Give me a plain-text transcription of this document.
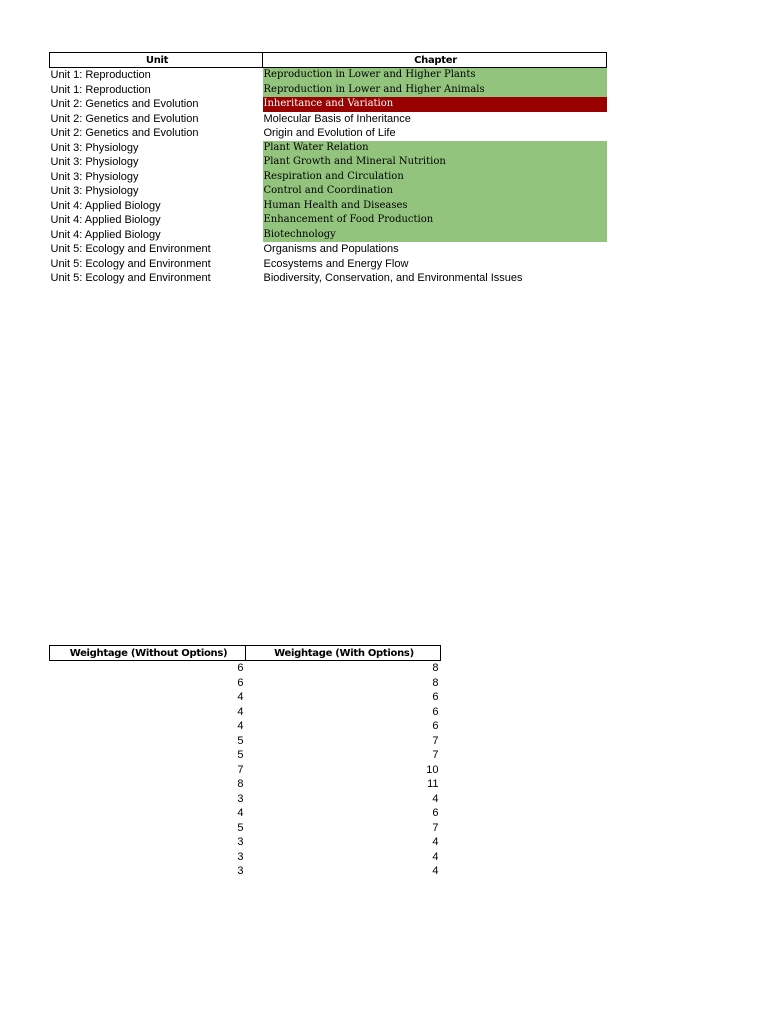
Unit	Chapter
Unit 1: Reproduction	Reproduction in Lower and Higher Plants
Unit 1: Reproduction	Reproduction in Lower and Higher Animals
Unit 2: Genetics and Evolution	Inheritance and Variation
Unit 2: Genetics and Evolution	Molecular Basis of Inheritance
Unit 2: Genetics and Evolution	Origin and Evolution of Life
Unit 3: Physiology	Plant Water Relation
Unit 3: Physiology	Plant Growth and Mineral Nutrition
Unit 3: Physiology	Respiration and Circulation
Unit 3: Physiology	Control and Coordination
Unit 4: Applied Biology	Human Health and Diseases
Unit 4: Applied Biology	Enhancement of Food Production
Unit 4: Applied Biology	Biotechnology
Unit 5: Ecology and Environment	Organisms and Populations
Unit 5: Ecology and Environment	Ecosystems and Energy Flow
Unit 5: Ecology and Environment	Biodiversity, Conservation, and Environmental Issues
Weightage (Without Options)	Weightage (With Options)
6	8
6	8
4	6
4	6
4	6
5	7
5	7
7	10
8	11
3	4
4	6
5	7
3	4
3	4
3	4
